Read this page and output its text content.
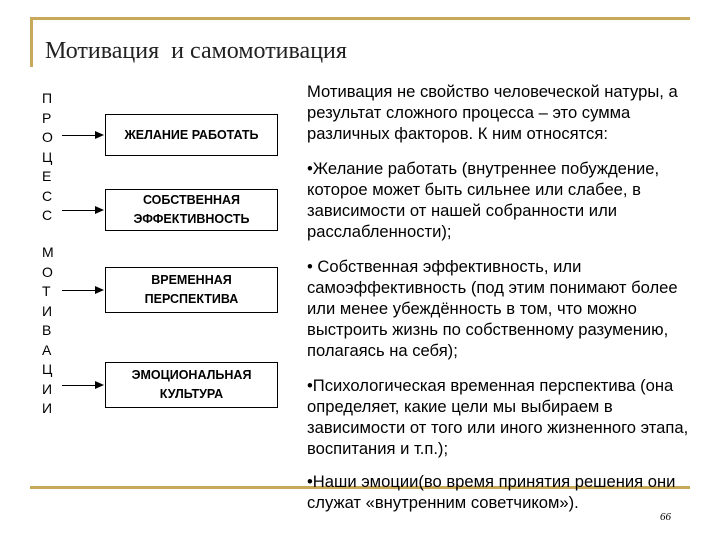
Мотивация  и самомотивация
П
Р
О
Ц
Е
С
С
М
О
Т
И
В
А
Ц
И
И
ЖЕЛАНИЕ РАБОТАТЬ
СОБСТВЕННАЯ ЭФФЕКТИВНОСТЬ
ВРЕМЕННАЯ ПЕРСПЕКТИВА
ЭМОЦИОНАЛЬНАЯ КУЛЬТУРА
Мотивация не свойство человеческой натуры, а результат сложного процесса – это сумма различных факторов. К ним относятся:
•Желание работать (внутреннее побуждение, которое может быть сильнее или слабее, в зависимости от нашей собранности или расслабленности);
• Собственная эффективность, или самоэффективность (под этим понимают более или менее убеждённость в том, что можно выстроить жизнь по собственному разумению, полагаясь на себя);
•Психологическая временная перспектива (она определяет, какие цели мы выбираем в зависимости от того или иного жизненного этапа, воспитания и т.п.);
•Наши эмоции(во время принятия решения они служат «внутренним советчиком»).
66
